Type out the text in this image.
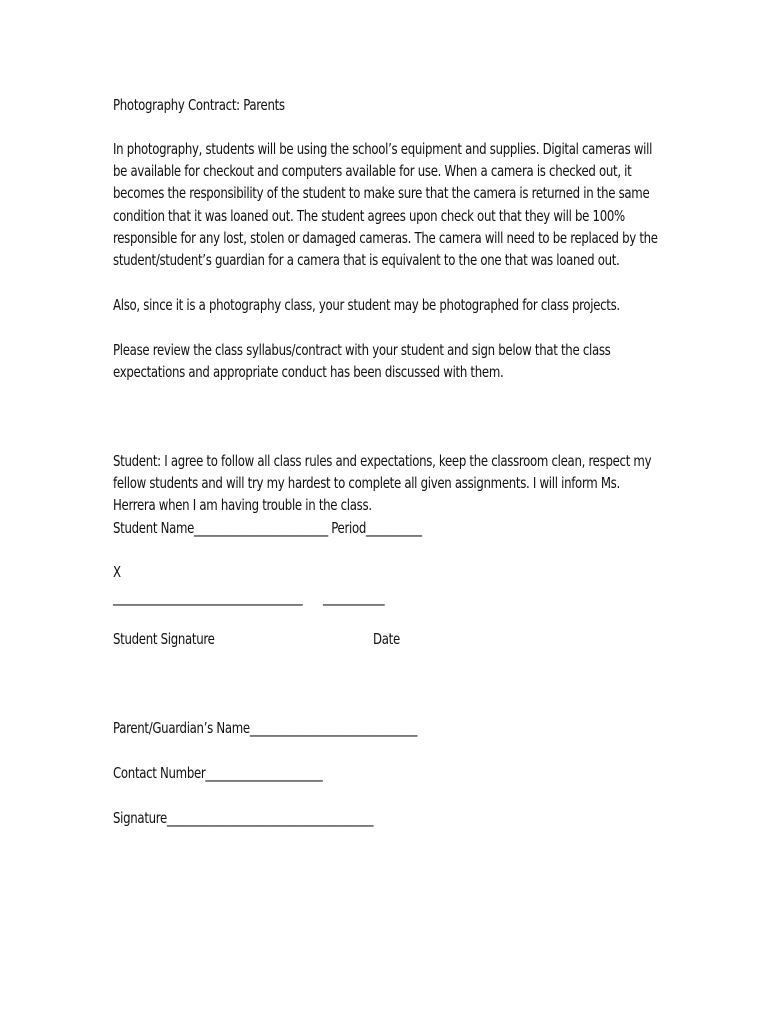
Photography Contract: Parents
In photography, students will be using the school’s equipment and supplies. Digital cameras will be available for checkout and computers available for use. When a camera is checked out, it becomes the responsibility of the student to make sure that the camera is returned in the same condition that it was loaned out. The student agrees upon check out that they will be 100% responsible for any lost, stolen or damaged cameras. The camera will need to be replaced by the student/student’s guardian for a camera that is equivalent to the one that was loaned out.
Also, since it is a photography class, your student may be photographed for class projects.
Please review the class syllabus/contract with your student and sign below that the class expectations and appropriate conduct has been discussed with them.
Student: I agree to follow all class rules and expectations, keep the classroom clean, respect my fellow students and will try my hardest to complete all given assignments. I will inform Ms. Herrera when I am having trouble in the class.
Student Name________________________ Period__________
X
__________________________________      ___________
Student Signature	Date
Parent/Guardian’s Name______________________________
Contact Number_____________________
Signature_____________________________________
